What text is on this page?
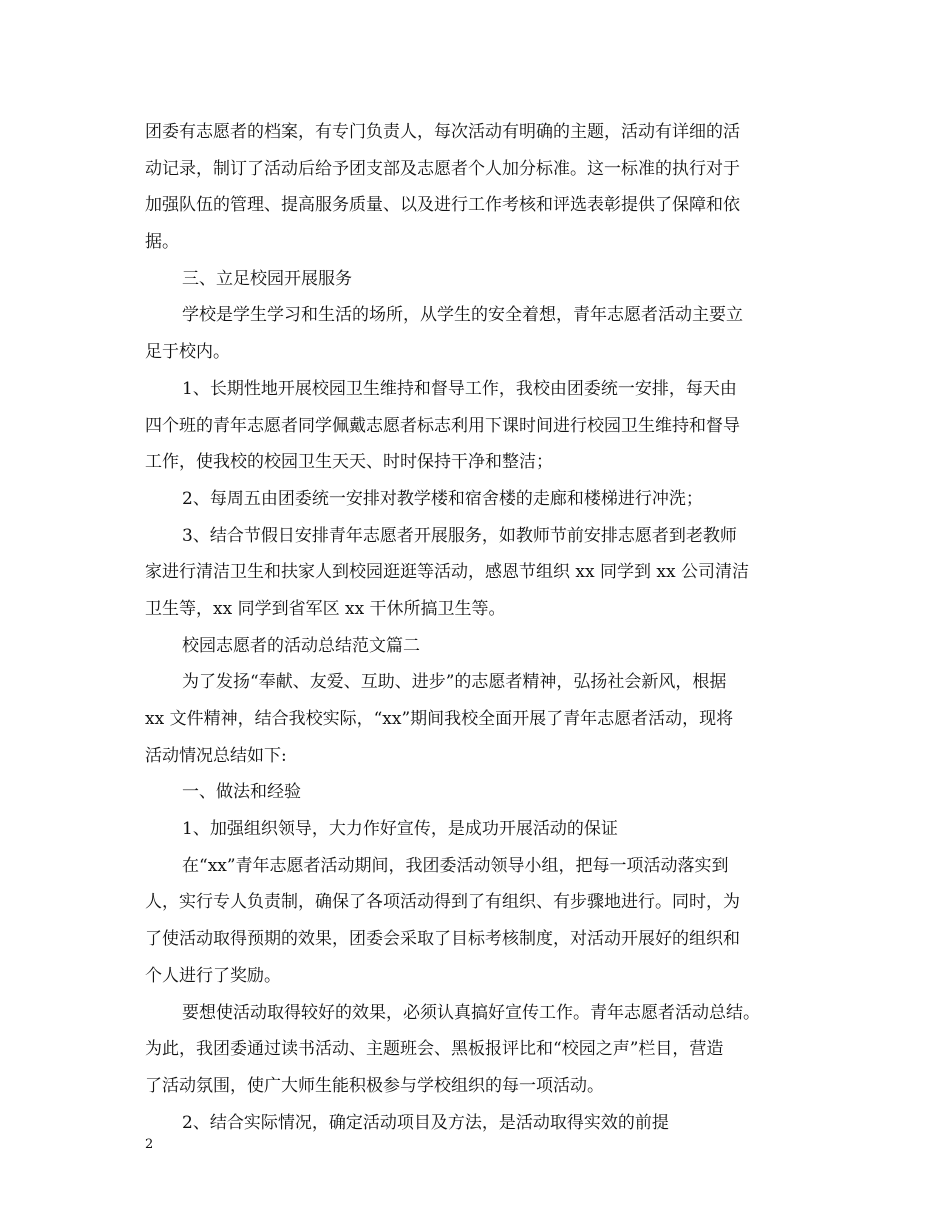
团委有志愿者的档案，有专门负责人，每次活动有明确的主题，活动有详细的活
动记录，制订了活动后给予团支部及志愿者个人加分标准。这一标准的执行对于
加强队伍的管理、提高服务质量、以及进行工作考核和评选表彰提供了保障和依
据。

三、立足校园开展服务

学校是学生学习和生活的场所，从学生的安全着想，青年志愿者活动主要立
足于校内。

1、长期性地开展校园卫生维持和督导工作，我校由团委统一安排，每天由
四个班的青年志愿者同学佩戴志愿者标志利用下课时间进行校园卫生维持和督导
工作，使我校的校园卫生天天、时时保持干净和整洁；

2、每周五由团委统一安排对教学楼和宿舍楼的走廊和楼梯进行冲洗；

3、结合节假日安排青年志愿者开展服务，如教师节前安排志愿者到老教师
家进行清洁卫生和扶家人到校园逛逛等活动，感恩节组织 xx 同学到 xx 公司清洁
卫生等，xx 同学到省军区 xx 干休所搞卫生等。

校园志愿者的活动总结范文篇二

为了发扬“奉献、友爱、互助、进步”的志愿者精神，弘扬社会新风，根据
xx 文件精神，结合我校实际，“xx”期间我校全面开展了青年志愿者活动，现将
活动情况总结如下:

一、做法和经验

1、加强组织领导，大力作好宣传，是成功开展活动的保证

在“xx”青年志愿者活动期间，我团委活动领导小组，把每一项活动落实到
人，实行专人负责制，确保了各项活动得到了有组织、有步骤地进行。同时，为
了使活动取得预期的效果，团委会采取了目标考核制度，对活动开展好的组织和
个人进行了奖励。

要想使活动取得较好的效果，必须认真搞好宣传工作。青年志愿者活动总结。
为此，我团委通过读书活动、主题班会、黑板报评比和“校园之声”栏目，营造
了活动氛围，使广大师生能积极参与学校组织的每一项活动。

2、结合实际情况，确定活动项目及方法，是活动取得实效的前提

2
